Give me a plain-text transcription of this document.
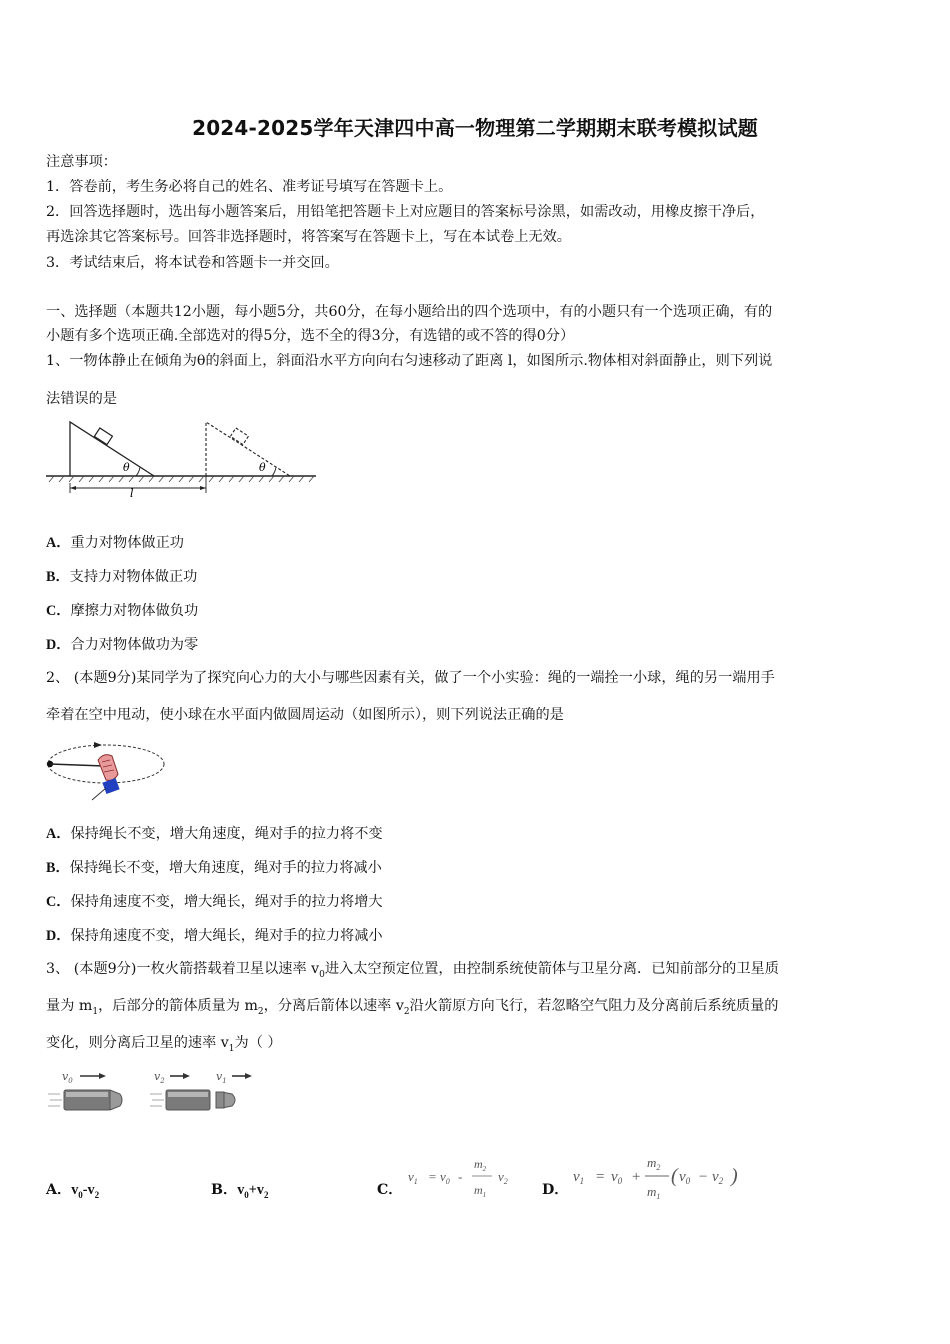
2024-2025学年天津四中高一物理第二学期期末联考模拟试题
注意事项：
1．答卷前，考生务必将自己的姓名、准考证号填写在答题卡上。
2．回答选择题时，选出每小题答案后，用铅笔把答题卡上对应题目的答案标号涂黑，如需改动，用橡皮擦干净后，
再选涂其它答案标号。回答非选择题时，将答案写在答题卡上，写在本试卷上无效。
3．考试结束后，将本试卷和答题卡一并交回。
一、选择题（本题共12小题，每小题5分，共60分，在每小题给出的四个选项中，有的小题只有一个选项正确，有的
小题有多个选项正确.全部选对的得5分，选不全的得3分，有选错的或不答的得0分）
1、一物体静止在倾角为θ的斜面上，斜面沿水平方向向右匀速移动了距离 l，如图所示.物体相对斜面静止，则下列说
法错误的是
θ	θ
l
A．重力对物体做正功
B．支持力对物体做正功
C．摩擦力对物体做负功
D．合力对物体做功为零
2、 (本题9分)某同学为了探究向心力的大小与哪些因素有关，做了一个小实验：绳的一端拴一小球，绳的另一端用手
牵着在空中甩动，使小球在水平面内做圆周运动（如图所示），则下列说法正确的是
A．保持绳长不变，增大角速度，绳对手的拉力将不变
B．保持绳长不变，增大角速度，绳对手的拉力将减小
C．保持角速度不变，增大绳长，绳对手的拉力将增大
D．保持角速度不变，增大绳长，绳对手的拉力将减小
3、 (本题9分)一枚火箭搭载着卫星以速率 $v_0$进入太空预定位置，由控制系统使箭体与卫星分离．已知前部分的卫星质
量为 $m_1$，后部分的箭体质量为 $m_2$，分离后箭体以速率 $v_2$沿火箭原方向飞行，若忽略空气阻力及分离前后系统质量的
变化，则分离后卫星的速率 $v_1$为（ ）
$v_0$	$v_2$	$v_1$
A．$v_0-v_2$	B．$v_0+v_2$	C．
$v_1 = v_0$ -
$m_2$
$m_1$
$v_2$
D．
$v_1 = v_0$ +
$m_2$
$m_1$
( $v_0 - v_2$ )
